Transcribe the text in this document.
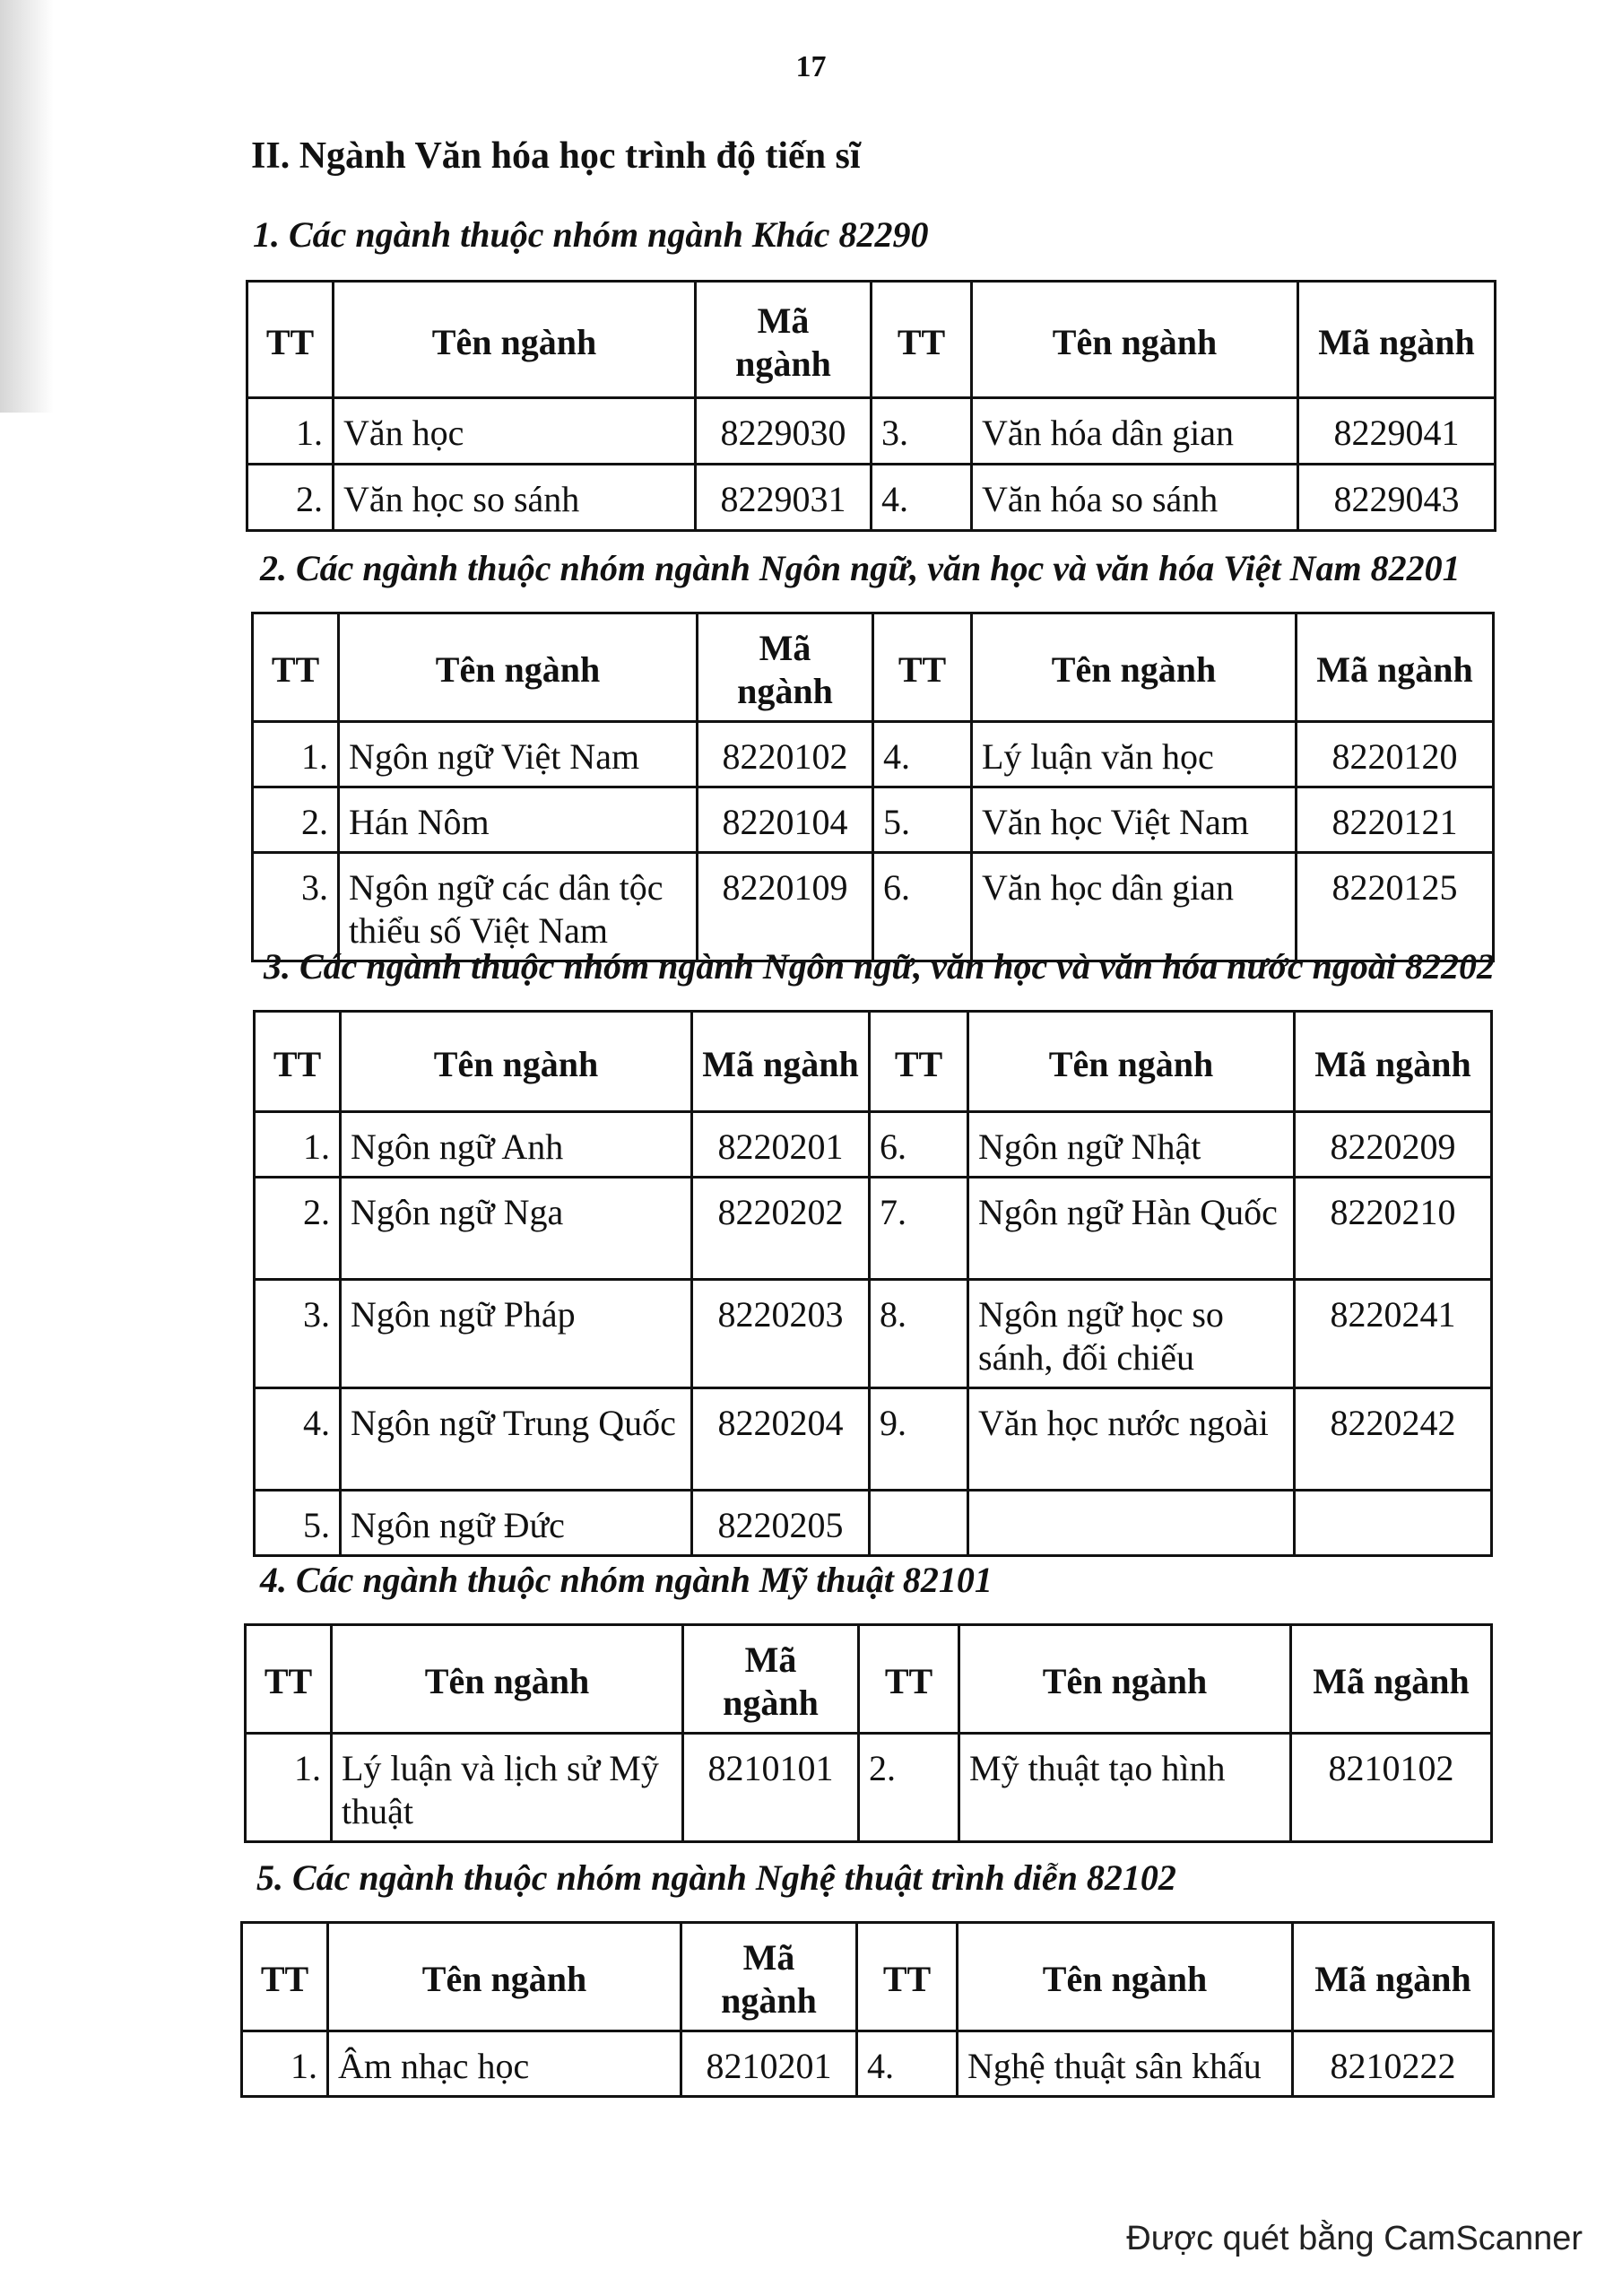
17
II. Ngành Văn hóa học trình độ tiến sĩ
1. Các ngành thuộc nhóm ngành Khác 82290
TT	Tên ngành	Mã ngành	TT	Tên ngành	Mã ngành
1.	Văn học	8229030	3.	Văn hóa dân gian	8229041
2.	Văn học so sánh	8229031	4.	Văn hóa so sánh	8229043
2. Các ngành thuộc nhóm ngành Ngôn ngữ, văn học và văn hóa Việt Nam 82201
TT	Tên ngành	Mã ngành	TT	Tên ngành	Mã ngành
1.	Ngôn ngữ Việt Nam	8220102	4.	Lý luận văn học	8220120
2.	Hán Nôm	8220104	5.	Văn học Việt Nam	8220121
3.	Ngôn ngữ các dân tộc thiểu số Việt Nam	8220109	6.	Văn học dân gian	8220125
3. Các ngành thuộc nhóm ngành Ngôn ngữ, văn học và văn hóa nước ngoài 82202
TT	Tên ngành	Mã ngành	TT	Tên ngành	Mã ngành
1.	Ngôn ngữ Anh	8220201	6.	Ngôn ngữ Nhật	8220209
2.	Ngôn ngữ Nga	8220202	7.	Ngôn ngữ Hàn Quốc	8220210
3.	Ngôn ngữ Pháp	8220203	8.	Ngôn ngữ học so sánh, đối chiếu	8220241
4.	Ngôn ngữ Trung Quốc	8220204	9.	Văn học nước ngoài	8220242
5.	Ngôn ngữ Đức	8220205			
4. Các ngành thuộc nhóm ngành Mỹ thuật 82101
TT	Tên ngành	Mã ngành	TT	Tên ngành	Mã ngành
1.	Lý luận và lịch sử Mỹ thuật	8210101	2.	Mỹ thuật tạo hình	8210102
5. Các ngành thuộc nhóm ngành Nghệ thuật trình diễn 82102
TT	Tên ngành	Mã ngành	TT	Tên ngành	Mã ngành
1.	Âm nhạc học	8210201	4.	Nghệ thuật sân khấu	8210222
Được quét bằng CamScanner
